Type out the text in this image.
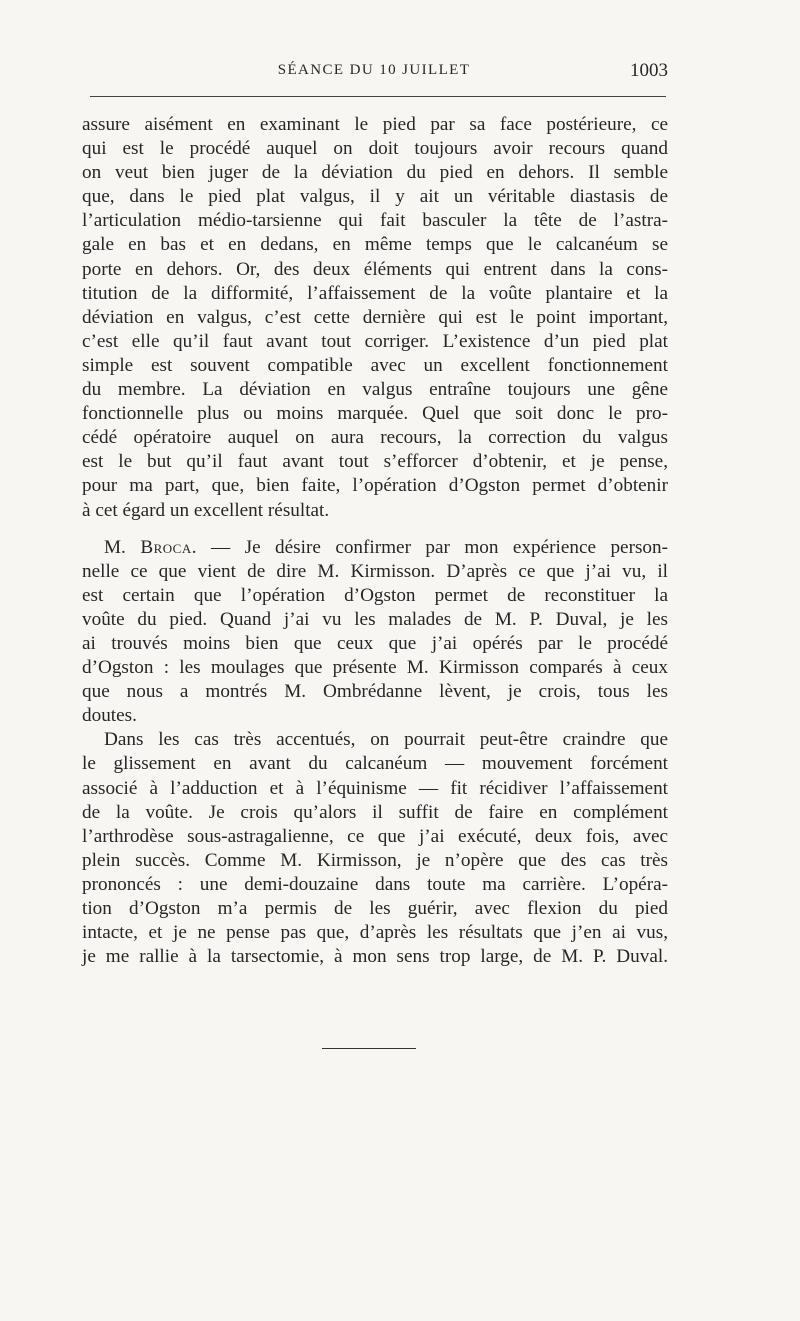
SÉANCE DU 10 JUILLET	1003
assure aisément en examinant le pied par sa face postérieure, ce
qui est le procédé auquel on doit toujours avoir recours quand
on veut bien juger de la déviation du pied en dehors. Il semble
que, dans le pied plat valgus, il y ait un véritable diastasis de
l’articulation médio-tarsienne qui fait basculer la tête de l’astra-
gale en bas et en dedans, en même temps que le calcanéum se
porte en dehors. Or, des deux éléments qui entrent dans la cons-
titution de la difformité, l’affaissement de la voûte plantaire et la
déviation en valgus, c’est cette dernière qui est le point important,
c’est elle qu’il faut avant tout corriger. L’existence d’un pied plat
simple est souvent compatible avec un excellent fonctionnement
du membre. La déviation en valgus entraîne toujours une gêne
fonctionnelle plus ou moins marquée. Quel que soit donc le pro-
cédé opératoire auquel on aura recours, la correction du valgus
est le but qu’il faut avant tout s’efforcer d’obtenir, et je pense,
pour ma part, que, bien faite, l’opération d’Ogston permet d’obtenir
à cet égard un excellent résultat.
M. Broca. — Je désire confirmer par mon expérience person-
nelle ce que vient de dire M. Kirmisson. D’après ce que j’ai vu, il
est certain que l’opération d’Ogston permet de reconstituer la
voûte du pied. Quand j’ai vu les malades de M. P. Duval, je les
ai trouvés moins bien que ceux que j’ai opérés par le procédé
d’Ogston : les moulages que présente M. Kirmisson comparés à ceux
que nous a montrés M. Ombrédanne lèvent, je crois, tous les
doutes.
Dans les cas très accentués, on pourrait peut-être craindre que
le glissement en avant du calcanéum — mouvement forcément
associé à l’adduction et à l’équinisme — fit récidiver l’affaissement
de la voûte. Je crois qu’alors il suffit de faire en complément
l’arthrodèse sous-astragalienne, ce que j’ai exécuté, deux fois, avec
plein succès. Comme M. Kirmisson, je n’opère que des cas très
prononcés : une demi-douzaine dans toute ma carrière. L’opéra-
tion d’Ogston m’a permis de les guérir, avec flexion du pied
intacte, et je ne pense pas que, d’après les résultats que j’en ai vus,
je me rallie à la tarsectomie, à mon sens trop large, de M. P. Duval.
